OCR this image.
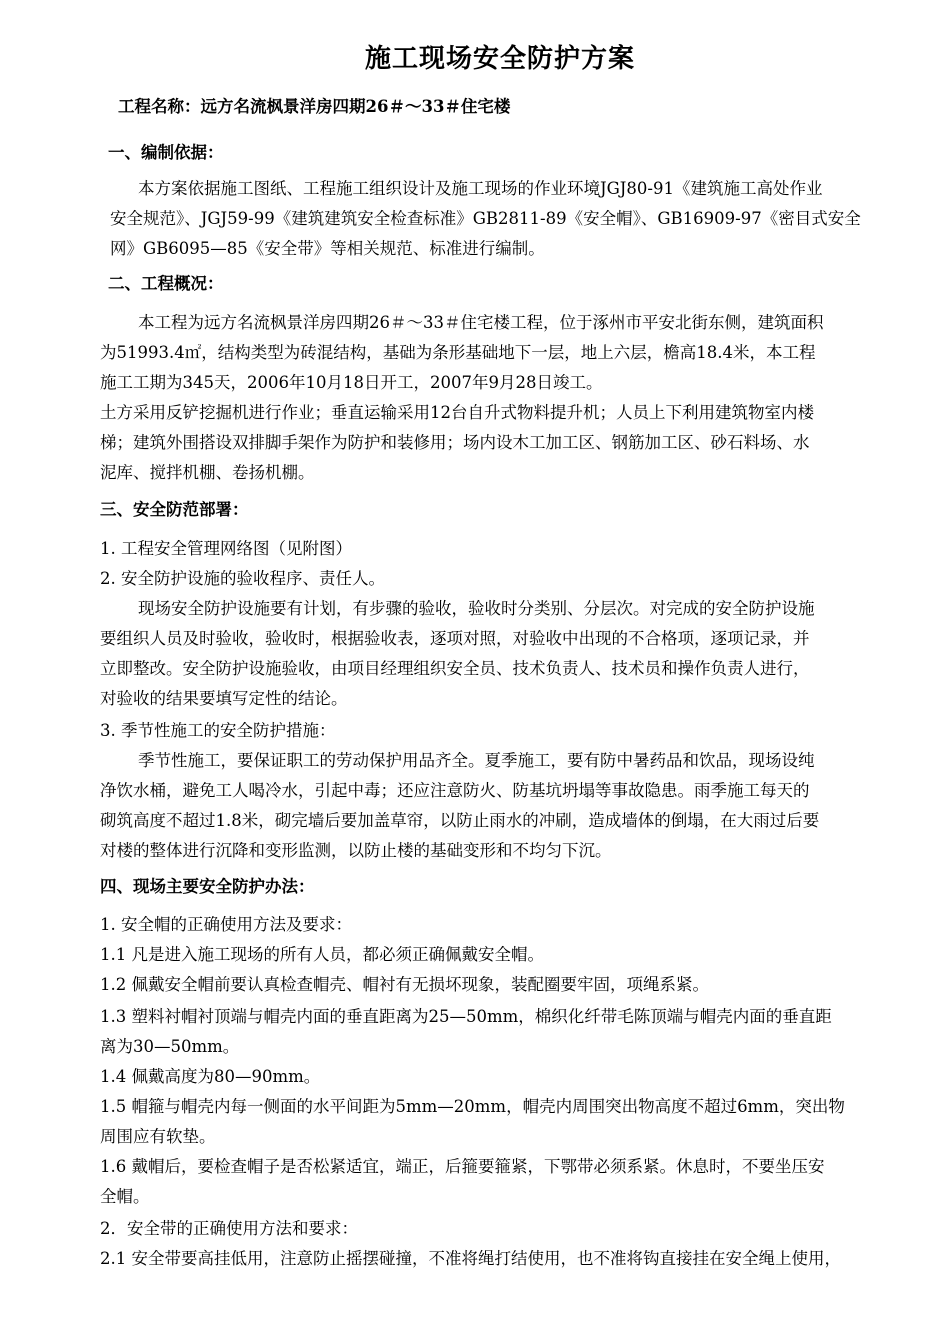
施工现场安全防护方案
工程名称：远方名流枫景洋房四期26＃～33＃住宅楼
一、编制依据：
本方案依据施工图纸、工程施工组织设计及施工现场的作业环境JGJ80-91《建筑施工高处作业
安全规范》、JGJ59-99《建筑建筑安全检查标准》GB2811-89《安全帽》、GB16909-97《密目式安全
网》GB6095—85《安全带》等相关规范、标准进行编制。
二、工程概况：
本工程为远方名流枫景洋房四期26＃～33＃住宅楼工程，位于涿州市平安北街东侧，建筑面积
为51993.4㎡，结构类型为砖混结构，基础为条形基础地下一层，地上六层，檐高18.4米，本工程
施工工期为345天，2006年10月18日开工，2007年9月28日竣工。
土方采用反铲挖掘机进行作业；垂直运输采用12台自升式物料提升机；人员上下利用建筑物室内楼
梯；建筑外围搭设双排脚手架作为防护和装修用；场内设木工加工区、钢筋加工区、砂石料场、水
泥库、搅拌机棚、卷扬机棚。
三、安全防范部署：
1. 工程安全管理网络图（见附图）
2. 安全防护设施的验收程序、责任人。
现场安全防护设施要有计划，有步骤的验收，验收时分类别、分层次。对完成的安全防护设施
要组织人员及时验收，验收时，根据验收表，逐项对照，对验收中出现的不合格项，逐项记录，并
立即整改。安全防护设施验收，由项目经理组织安全员、技术负责人、技术员和操作负责人进行，
对验收的结果要填写定性的结论。
3. 季节性施工的安全防护措施：
季节性施工，要保证职工的劳动保护用品齐全。夏季施工，要有防中暑药品和饮品，现场设纯
净饮水桶，避免工人喝冷水，引起中毒；还应注意防火、防基坑坍塌等事故隐患。雨季施工每天的
砌筑高度不超过1.8米，砌完墙后要加盖草帘，以防止雨水的冲刷，造成墙体的倒塌，在大雨过后要
对楼的整体进行沉降和变形监测，以防止楼的基础变形和不均匀下沉。
四、现场主要安全防护办法：
1. 安全帽的正确使用方法及要求：
1.1 凡是进入施工现场的所有人员，都必须正确佩戴安全帽。
1.2 佩戴安全帽前要认真检查帽壳、帽衬有无损坏现象，装配圈要牢固，项绳系紧。
1.3 塑料衬帽衬顶端与帽壳内面的垂直距离为25—50mm，棉织化纤带毛陈顶端与帽壳内面的垂直距
离为30—50mm。
1.4 佩戴高度为80—90mm。
1.5 帽箍与帽壳内每一侧面的水平间距为5mm—20mm，帽壳内周围突出物高度不超过6mm，突出物
周围应有软垫。
1.6 戴帽后，要检查帽子是否松紧适宜，端正，后箍要箍紧，下鄂带必须系紧。休息时，不要坐压安
全帽。
2．安全带的正确使用方法和要求：
2.1 安全带要高挂低用，注意防止摇摆碰撞，不准将绳打结使用，也不准将钩直接挂在安全绳上使用，
